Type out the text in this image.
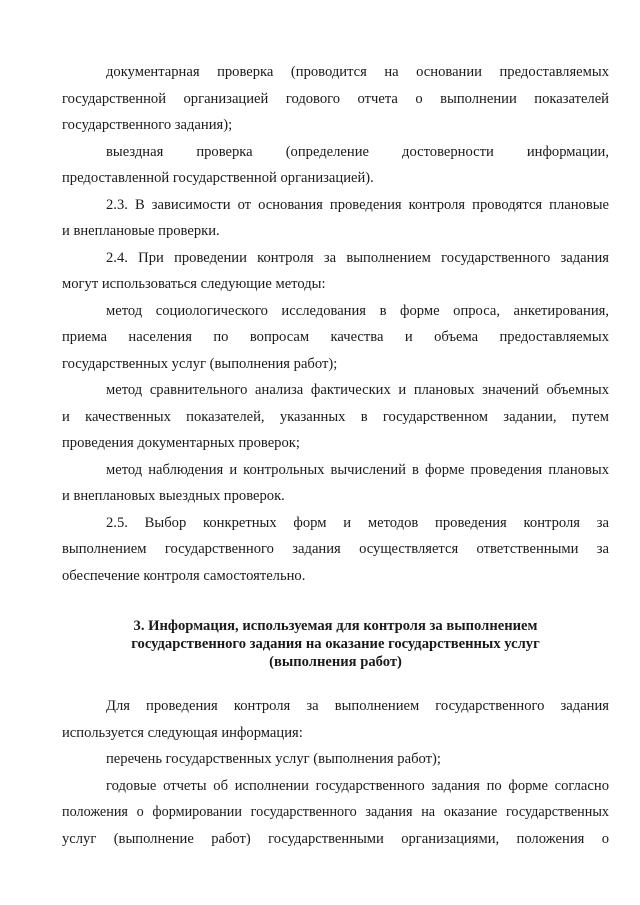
документарная проверка (проводится на основании предоставляемых
государственной организацией годового отчета о выполнении показателей
государственного задания);
выездная проверка (определение достоверности информации,
предоставленной государственной организацией).
2.3. В зависимости от основания проведения контроля проводятся плановые
и внеплановые проверки.
2.4. При проведении контроля за выполнением государственного задания
могут использоваться следующие методы:
метод социологического исследования в форме опроса, анкетирования,
приема населения по вопросам качества и объема предоставляемых
государственных услуг (выполнения работ);
метод сравнительного анализа фактических и плановых значений объемных
и качественных показателей, указанных в государственном задании, путем
проведения документарных проверок;
метод наблюдения и контрольных вычислений в форме проведения плановых
и внеплановых выездных проверок.
2.5. Выбор конкретных форм и методов проведения контроля за
выполнением государственного задания осуществляется ответственными за
обеспечение контроля самостоятельно.
3. Информация, используемая для контроля за выполнением
государственного задания на оказание государственных услуг
(выполнения работ)
Для проведения контроля за выполнением государственного задания
используется следующая информация:
перечень государственных услуг (выполнения работ);
годовые отчеты об исполнении государственного задания по форме согласно
положения о формировании государственного задания на оказание государственных
услуг (выполнение работ) государственными организациями, положения о
